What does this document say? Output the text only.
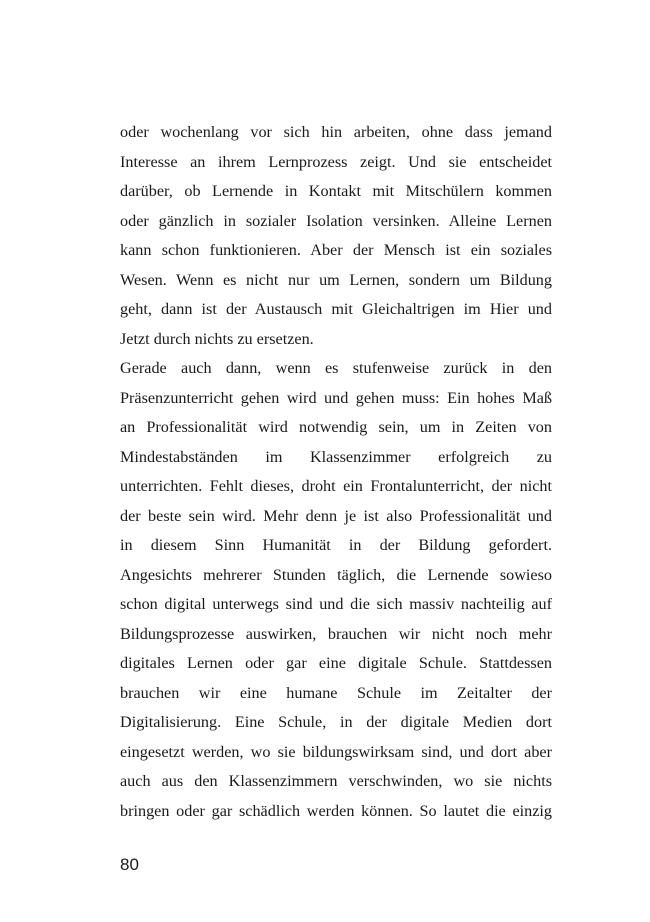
oder wochenlang vor sich hin arbeiten, ohne dass jemand
Interesse an ihrem Lernprozess zeigt. Und sie entscheidet
darüber, ob Lernende in Kontakt mit Mitschülern kommen
oder gänzlich in sozialer Isolation versinken. Alleine Lernen
kann schon funktionieren. Aber der Mensch ist ein soziales
Wesen. Wenn es nicht nur um Lernen, sondern um Bildung
geht, dann ist der Austausch mit Gleichaltrigen im Hier und
Jetzt durch nichts zu ersetzen.
Gerade auch dann, wenn es stufenweise zurück in den
Präsenzunterricht gehen wird und gehen muss: Ein hohes Maß
an Professionalität wird notwendig sein, um in Zeiten von
Mindestabständen im Klassenzimmer erfolgreich zu
unterrichten. Fehlt dieses, droht ein Frontalunterricht, der nicht
der beste sein wird. Mehr denn je ist also Professionalität und
in diesem Sinn Humanität in der Bildung gefordert.
Angesichts mehrerer Stunden täglich, die Lernende sowieso
schon digital unterwegs sind und die sich massiv nachteilig auf
Bildungsprozesse auswirken, brauchen wir nicht noch mehr
digitales Lernen oder gar eine digitale Schule. Stattdessen
brauchen wir eine humane Schule im Zeitalter der
Digitalisierung. Eine Schule, in der digitale Medien dort
eingesetzt werden, wo sie bildungswirksam sind, und dort aber
auch aus den Klassenzimmern verschwinden, wo sie nichts
bringen oder gar schädlich werden können. So lautet die einzig
80
